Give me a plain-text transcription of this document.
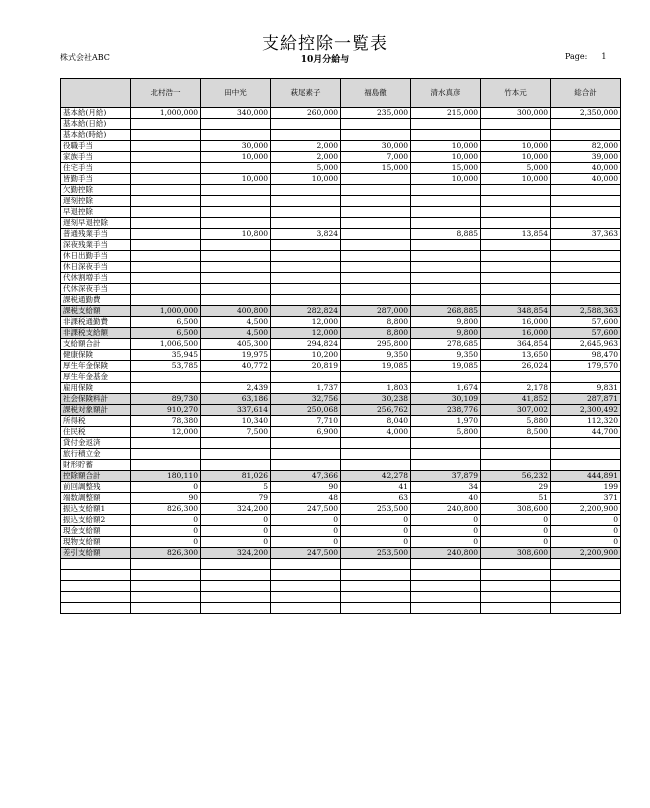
支給控除一覧表
株式会社ABC	10月分給与	Page: 1
	北村浩一	田中光	萩尾素子	福島徹	清水真彦	竹本元	総合計
基本給(月給)	1,000,000	340,000	260,000	235,000	215,000	300,000	2,350,000
基本給(日給)							
基本給(時給)							
役職手当		30,000	2,000	30,000	10,000	10,000	82,000
家族手当		10,000	2,000	7,000	10,000	10,000	39,000
住宅手当			5,000	15,000	15,000	5,000	40,000
皆勤手当		10,000	10,000		10,000	10,000	40,000
欠勤控除							
遅刻控除							
早退控除							
遅刻早退控除							
普通残業手当		10,800	3,824		8,885	13,854	37,363
深夜残業手当							
休日出勤手当							
休日深夜手当							
代休割増手当							
代休深夜手当							
課税通勤費							
課税支給額	1,000,000	400,800	282,824	287,000	268,885	348,854	2,588,363
非課税通勤費	6,500	4,500	12,000	8,800	9,800	16,000	57,600
非課税支給額	6,500	4,500	12,000	8,800	9,800	16,000	57,600
支給額合計	1,006,500	405,300	294,824	295,800	278,685	364,854	2,645,963
健康保険	35,945	19,975	10,200	9,350	9,350	13,650	98,470
厚生年金保険	53,785	40,772	20,819	19,085	19,085	26,024	179,570
厚生年金基金							
雇用保険		2,439	1,737	1,803	1,674	2,178	9,831
社会保険料計	89,730	63,186	32,756	30,238	30,109	41,852	287,871
課税対象額計	910,270	337,614	250,068	256,762	238,776	307,002	2,300,492
所得税	78,380	10,340	7,710	8,040	1,970	5,880	112,320
住民税	12,000	7,500	6,900	4,000	5,800	8,500	44,700
貸付金返済							
旅行積立金							
財形貯蓄							
控除額合計	180,110	81,026	47,366	42,278	37,879	56,232	444,891
前回調整残	0	5	90	41	34	29	199
端数調整額	90	79	48	63	40	51	371
振込支給額1	826,300	324,200	247,500	253,500	240,800	308,600	2,200,900
振込支給額2	0	0	0	0	0	0	0
現金支給額	0	0	0	0	0	0	0
現物支給額	0	0	0	0	0	0	0
差引支給額	826,300	324,200	247,500	253,500	240,800	308,600	2,200,900
